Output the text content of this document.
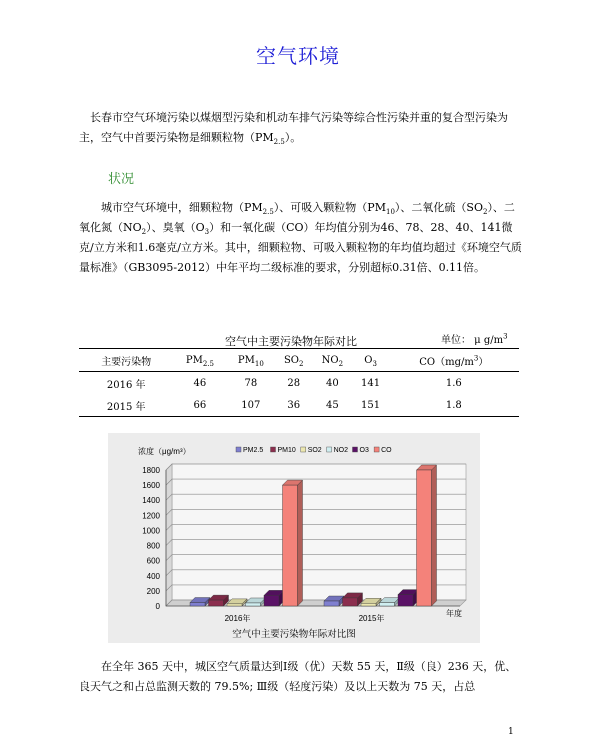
空气环境
长春市空气环境污染以煤烟型污染和机动车排气污染等综合性污染并重的复合型污染为主，空气中首要污染物是细颗粒物$(PM_{2.5})$。
状况
城市空气环境中，细颗粒物$(PM_{2.5})$、可吸入颗粒物$(PM_{10})$、二氧化硫$(SO_2)$、二氧化氮$(NO_2)$、臭氧$(O_3)$和一氧化碳（CO）年均值分别为46、78、28、40、141微克/立方米和1.6毫克/立方米。其中，细颗粒物、可吸入颗粒物的年均值均超过《环境空气质量标准》（GB3095-2012）中年平均二级标准的要求，分别超标0.31倍、0.11倍。
空气中主要污染物年际对比	单位： μ $g/m^3$
主要污染物	$PM_{2.5}$	$PM_{10}$	$SO_2$	$NO_2$	$O_3$	$CO(mg/m^3)$
2016 年	46	78	28	40	141	1.6
2015 年	66	107	36	45	151	1.8
0
200
400
600
800
1000
1200
1400
1600
1800
浓度（μg/m³）	PM2.5 PM10 SO2 NO2 O3 CO
2016年	2015年
年度
空气中主要污染物年际对比图
在全年 365 天中，城区空气质量达到Ⅰ级（优）天数 55 天，Ⅱ级（良）236 天，优、良天气之和占总监测天数的 79.5%; Ⅲ级（轻度污染）及以上天数为 75 天，占总
1
